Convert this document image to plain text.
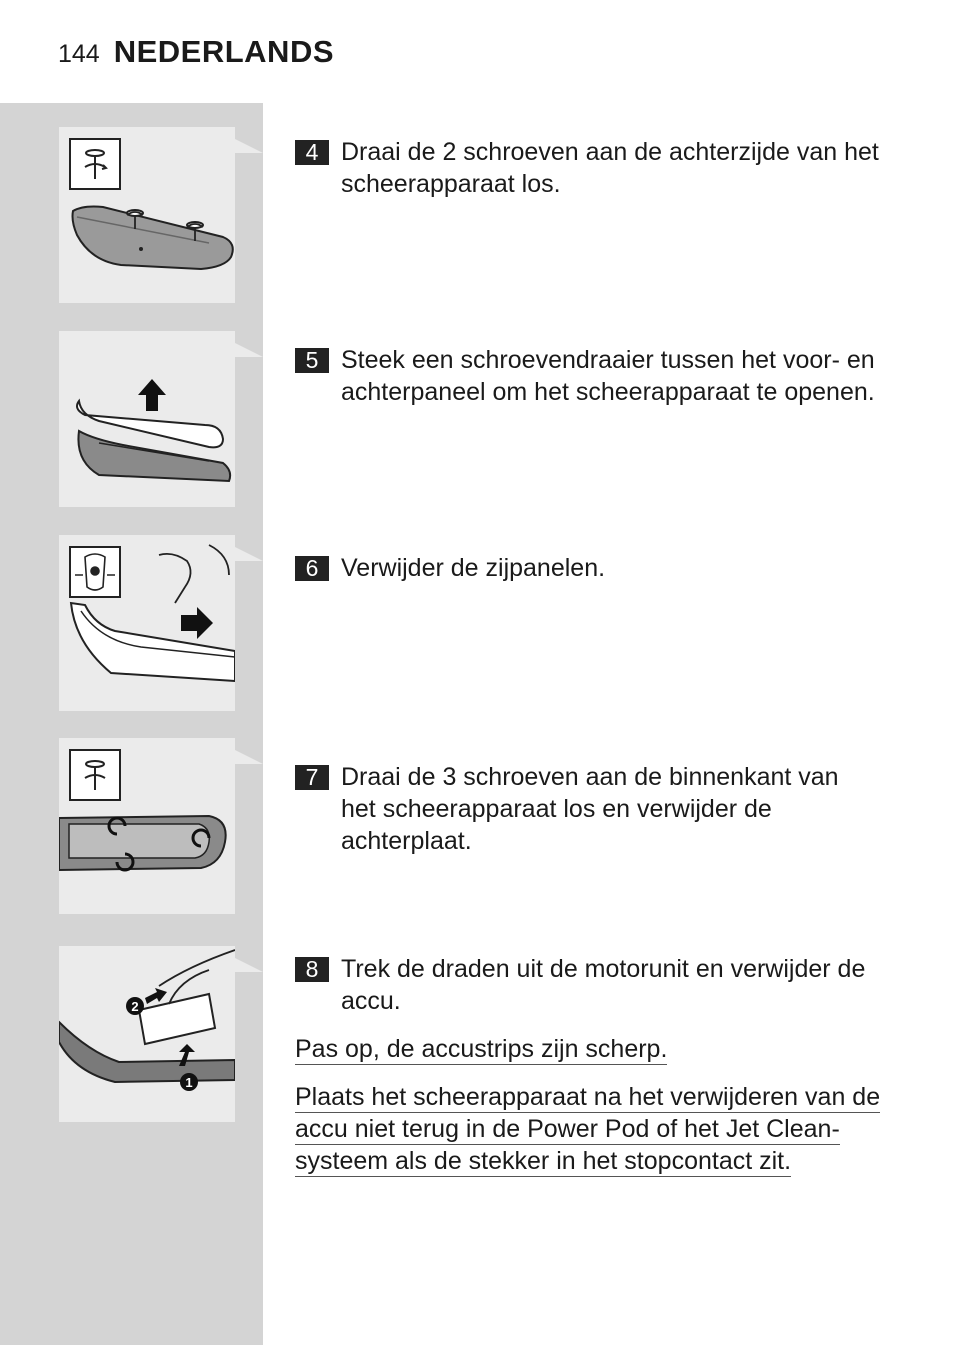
144 NEDERLANDS
2
1
4 Draai de 2 schroeven aan de achterzijde van het scheerapparaat los.
5 Steek een schroevendraaier tussen het voor- en achterpaneel om het scheerapparaat te openen.
6 Verwijder de zijpanelen.
7 Draai de 3 schroeven aan de binnenkant van het scheerapparaat los en verwijder de achterplaat.
8 Trek de draden uit de motorunit en verwijder de accu.
Pas op, de accustrips zijn scherp.
Plaats het scheerapparaat na het verwijderen van de accu niet terug in de Power Pod of het Jet Clean-systeem als de stekker in het stopcontact zit.
